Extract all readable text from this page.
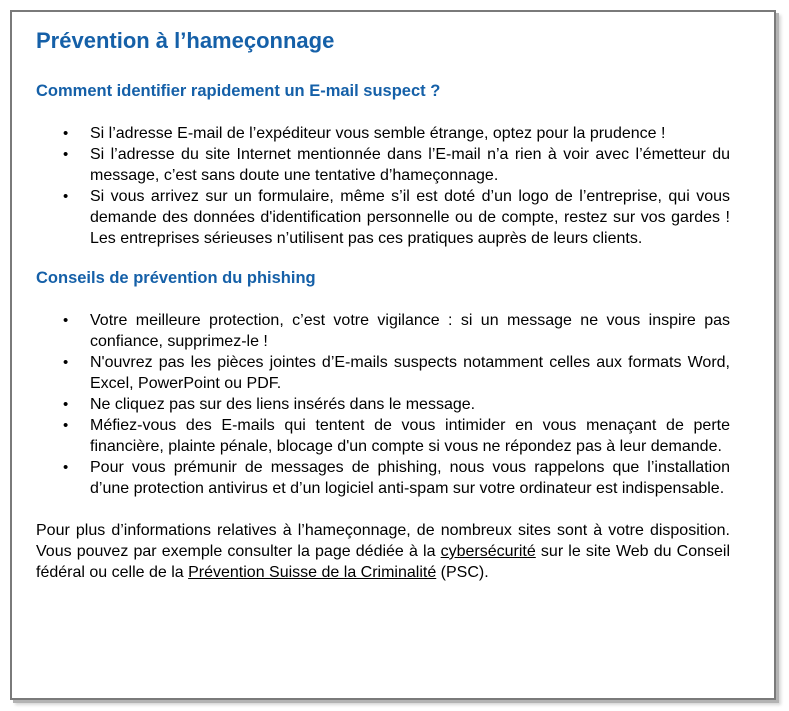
Prévention à l’hameçonnage
Comment identifier rapidement un E-mail suspect ?
• Si l’adresse E-mail de l’expéditeur vous semble étrange, optez pour la prudence !
• Si l’adresse du site Internet mentionnée dans l’E-mail n’a rien à voir avec l’émetteur du message, c’est sans doute une tentative d’hameçonnage.
• Si vous arrivez sur un formulaire, même s’il est doté d’un logo de l’entreprise, qui vous demande des données d'identification personnelle ou de compte, restez sur vos gardes ! Les entreprises sérieuses n’utilisent pas ces pratiques auprès de leurs clients.
Conseils de prévention du phishing
• Votre meilleure protection, c’est votre vigilance : si un message ne vous inspire pas confiance, supprimez-le !
• N'ouvrez pas les pièces jointes d’E-mails suspects notamment celles aux formats Word, Excel, PowerPoint ou PDF.
• Ne cliquez pas sur des liens insérés dans le message.
• Méfiez-vous des E-mails qui tentent de vous intimider en vous menaçant de perte financière, plainte pénale, blocage d'un compte si vous ne répondez pas à leur demande.
• Pour vous prémunir de messages de phishing, nous vous rappelons que l’installation d’une protection antivirus et d’un logiciel anti-spam sur votre ordinateur est indispensable.

Pour plus d’informations relatives à l’hameçonnage, de nombreux sites sont à votre disposition. Vous pouvez par exemple consulter la page dédiée à la cybersécurité sur le site Web du Conseil fédéral ou celle de la Prévention Suisse de la Criminalité (PSC).
